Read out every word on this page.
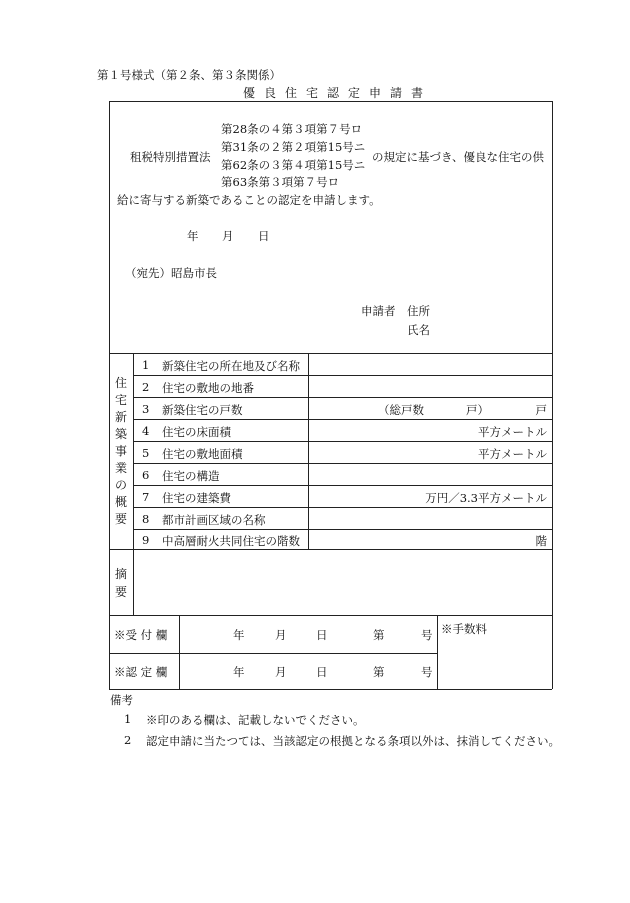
第１号様式（第２条、第３条関係）
優良住宅認定申請書
租税特別措置法
第28条の４第３項第７号ロ
第31条の２第２項第15号ニ
第62条の３第４項第15号ニ
第63条第３項第７号ロ
の規定に基づき、優良な住宅の供
給に寄与する新築であることの認定を申請します。
年 月 日
（宛先）昭島市長
申請者 住所
氏名
住
宅
新
築
事
業
の
概
要
1 新築住宅の所在地及び名称
2 住宅の敷地の地番
3 新築住宅の戸数	（総戸数	戸）	戸
4 住宅の床面積	平方メートル
5 住宅の敷地面積	平方メートル
6 住宅の構造
7 住宅の建築費	万円／3.3平方メートル
8 都市計画区域の名称
9 中高層耐火共同住宅の階数	階
摘
要
※受 付 欄	年	月	日	第	号
※認 定 欄	年	月	日	第	号
※手数料
備考
1 ※印のある欄は、記載しないでください。
2 認定申請に当たつては、当該認定の根拠となる条項以外は、抹消してください。
